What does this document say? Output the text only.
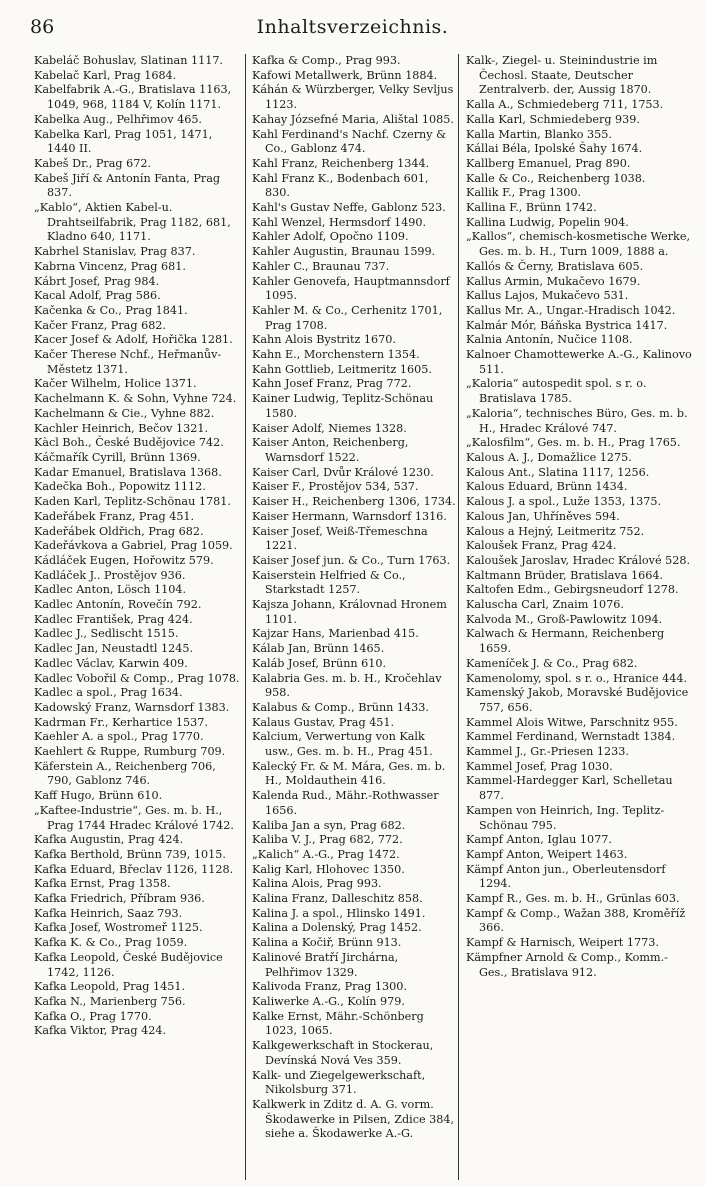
86	Inhaltsverzeichnis.
Kabeláč Bohuslav, Slatinan 1117.
Kabelač Karl, Prag 1684.
Kabelfabrik A.-G., Bratislava 1163, 1049, 968, 1184 V, Kolín 1171.
Kabelka Aug., Pelhřimov 465.
Kabelka Karl, Prag 1051, 1471, 1440 II.
Kabeš Dr., Prag 672.
Kabeš Jiří & Antonín Fanta, Prag 837.
„Kablo“, Aktien Kabel-u. Drahtseilfabrik, Prag 1182, 681, Kladno 640, 1171.
Kabrhel Stanislav, Prag 837.
Kabrna Vincenz, Prag 681.
Kábrt Josef, Prag 984.
Kacal Adolf, Prag 586.
Kačenka & Co., Prag 1841.
Kačer Franz, Prag 682.
Kacer Josef & Adolf, Hořička 1281.
Kačer Therese Nchf., Heřmanův-Městetz 1371.
Kačer Wilhelm, Holice 1371.
Kachelmann K. & Sohn, Vyhne 724.
Kachelmann & Cie., Vyhne 882.
Kachler Heinrich, Bečov 1321.
Kàcl Boh., České Budějovice 742.
Káčmařík Cyrill, Brünn 1369.
Kadar Emanuel, Bratislava 1368.
Kadečka Boh., Popowitz 1112.
Kaden Karl, Teplitz-Schönau 1781.
Kadeřábek Franz, Prag 451.
Kadeřábek Oldřich, Prag 682.
Kadeřávkova a Gabriel, Prag 1059.
Kádláček Eugen, Hořowitz 579.
Kadláček J.. Prostějov 936.
Kadlec Anton, Lösch 1104.
Kadlec Antonín, Rovečín 792.
Kadlec František, Prag 424.
Kadlec J., Sedlischt 1515.
Kadlec Jan, Neustadtl 1245.
Kadlec Václav, Karwin 409.
Kadlec Vobořil & Comp., Prag 1078.
Kadlec a spol., Prag 1634.
Kadowský Franz, Warnsdorf 1383.
Kadrman Fr., Kerhartice 1537.
Kaehler A. a spol., Prag 1770.
Kaehlert & Ruppe, Rumburg 709.
Käferstein A., Reichenberg 706, 790, Gablonz 746.
Kaff Hugo, Brünn 610.
„Kaftee-Industrie“, Ges. m. b. H., Prag 1744 Hradec Králové 1742.
Kafka Augustin, Prag 424.
Kafka Berthold, Brünn 739, 1015.
Kafka Eduard, Břeclav 1126, 1128.
Kafka Ernst, Prag 1358.
Kafka Friedrich, Příbram 936.
Kafka Heinrich, Saaz 793.
Kafka Josef, Wostromeř 1125.
Kafka K. & Co., Prag 1059.
Kafka Leopold, České Budějovice 1742, 1126.
Kafka Leopold, Prag 1451.
Kafka N., Marienberg 756.
Kafka O., Prag 1770.
Kafka Viktor, Prag 424.
Kafka & Comp., Prag 993.
Kafowi Metallwerk, Brünn 1884.
Káhán & Würzberger, Velky Sevljus 1123.
Kahay Józsefné Maria, Alištal 1085.
Kahl Ferdinand's Nachf. Czerny & Co., Gablonz 474.
Kahl Franz, Reichenberg 1344.
Kahl Franz K., Bodenbach 601, 830.
Kahl's Gustav Neffe, Gablonz 523.
Kahl Wenzel, Hermsdorf 1490.
Kahler Adolf, Opočno 1109.
Kahler Augustin, Braunau 1599.
Kahler C., Braunau 737.
Kahler Genovefa, Hauptmannsdorf 1095.
Kahler M. & Co., Cerhenitz 1701, Prag 1708.
Kahn Alois Bystritz 1670.
Kahn E., Morchenstern 1354.
Kahn Gottlieb, Leitmeritz 1605.
Kahn Josef Franz, Prag 772.
Kainer Ludwig, Teplitz-Schönau 1580.
Kaiser Adolf, Niemes 1328.
Kaiser Anton, Reichenberg, Warnsdorf 1522.
Kaiser Carl, Dvůr Králové 1230.
Kaiser F., Prostějov 534, 537.
Kaiser H., Reichenberg 1306, 1734.
Kaiser Hermann, Warnsdorf 1316.
Kaiser Josef, Weiß-Třemeschna 1221.
Kaiser Josef jun. & Co., Turn 1763.
Kaiserstein Helfried & Co., Starkstadt 1257.
Kajsza Johann, Královnad Hronem 1101.
Kajzar Hans, Marienbad 415.
Kálab Jan, Brünn 1465.
Kaláb Josef, Brünn 610.
Kalabria Ges. m. b. H., Kročehlav 958.
Kalabus & Comp., Brünn 1433.
Kalaus Gustav, Prag 451.
Kalcium, Verwertung von Kalk usw., Ges. m. b. H., Prag 451.
Kalecký Fr. & M. Mára, Ges. m. b. H., Moldauthein 416.
Kalenda Rud., Mähr.-Rothwasser 1656.
Kaliba Jan a syn, Prag 682.
Kaliba V. J., Prag 682, 772.
„Kalich“ A.-G., Prag 1472.
Kalig Karl, Hlohovec 1350.
Kalina Alois, Prag 993.
Kalina Franz, Dalleschitz 858.
Kalina J. a spol., Hlinsko 1491.
Kalina a Dolenský, Prag 1452.
Kalina a Kočiř, Brünn 913.
Kalinové Bratří Jirchárna, Pelhřimov 1329.
Kalivoda Franz, Prag 1300.
Kaliwerke A.-G., Kolín 979.
Kalke Ernst, Mähr.-Schönberg 1023, 1065.
Kalkgewerkschaft in Stockerau, Devínská Nová Ves 359.
Kalk- und Ziegelgewerkschaft, Nikolsburg 371.
Kalkwerk in Zditz d. A. G. vorm. Škodawerke in Pilsen, Zdice 384, siehe a. Škodawerke A.-G.
Kalk-, Ziegel- u. Steinindustrie im Čechosl. Staate, Deutscher Zentralverb. der, Aussig 1870.
Kalla A., Schmiedeberg 711, 1753.
Kalla Karl, Schmiedeberg 939.
Kalla Martin, Blanko 355.
Kállai Béla, Ipolské Šahy 1674.
Kallberg Emanuel, Prag 890.
Kalle & Co., Reichenberg 1038.
Kallik F., Prag 1300.
Kallina F., Brünn 1742.
Kallina Ludwig, Popelin 904.
„Kallos“, chemisch-kosmetische Werke, Ges. m. b. H., Turn 1009, 1888 a.
Kallós & Černy, Bratislava 605.
Kallus Armin, Mukačevo 1679.
Kallus Lajos, Mukačevo 531.
Kallus Mr. A., Ungar.-Hradisch 1042.
Kalmár Mór, Báňska Bystrica 1417.
Kalnia Antonín, Nučice 1108.
Kalnoer Chamottewerke A.-G., Kalinovo 511.
„Kaloria“ autospedit spol. s r. o. Bratislava 1785.
„Kaloria“, technisches Büro, Ges. m. b. H., Hradec Králové 747.
„Kalosfilm“, Ges. m. b. H., Prag 1765.
Kalous A. J., Domažlice 1275.
Kalous Ant., Slatina 1117, 1256.
Kalous Eduard, Brünn 1434.
Kalous J. a spol., Luže 1353, 1375.
Kalous Jan, Uhříněves 594.
Kalous a Hejný, Leitmeritz 752.
Kaloušek Franz, Prag 424.
Kaloušek Jaroslav, Hradec Králové 528.
Kaltmann Brüder, Bratislava 1664.
Kaltofen Edm., Gebirgsneudorf 1278.
Kaluscha Carl, Znaim 1076.
Kalvoda M., Groß-Pawlowitz 1094.
Kalwach & Hermann, Reichenberg 1659.
Kameníček J. & Co., Prag 682.
Kamenolomy, spol. s r. o., Hranice 444.
Kamenský Jakob, Moravské Budějovice 757, 656.
Kammel Alois Witwe, Parschnitz 955.
Kammel Ferdinand, Wernstadt 1384.
Kammel J., Gr.-Priesen 1233.
Kammel Josef, Prag 1030.
Kammel-Hardegger Karl, Schelletau 877.
Kampen von Heinrich, Ing. Teplitz-Schönau 795.
Kampf Anton, Iglau 1077.
Kampf Anton, Weipert 1463.
Kämpf Anton jun., Oberleutensdorf 1294.
Kampf R., Ges. m. b. H., Grünlas 603.
Kampf & Comp., Wažan 388, Kroměříž 366.
Kampf & Harnisch, Weipert 1773.
Kämpfner Arnold & Comp., Komm.-Ges., Bratislava 912.
